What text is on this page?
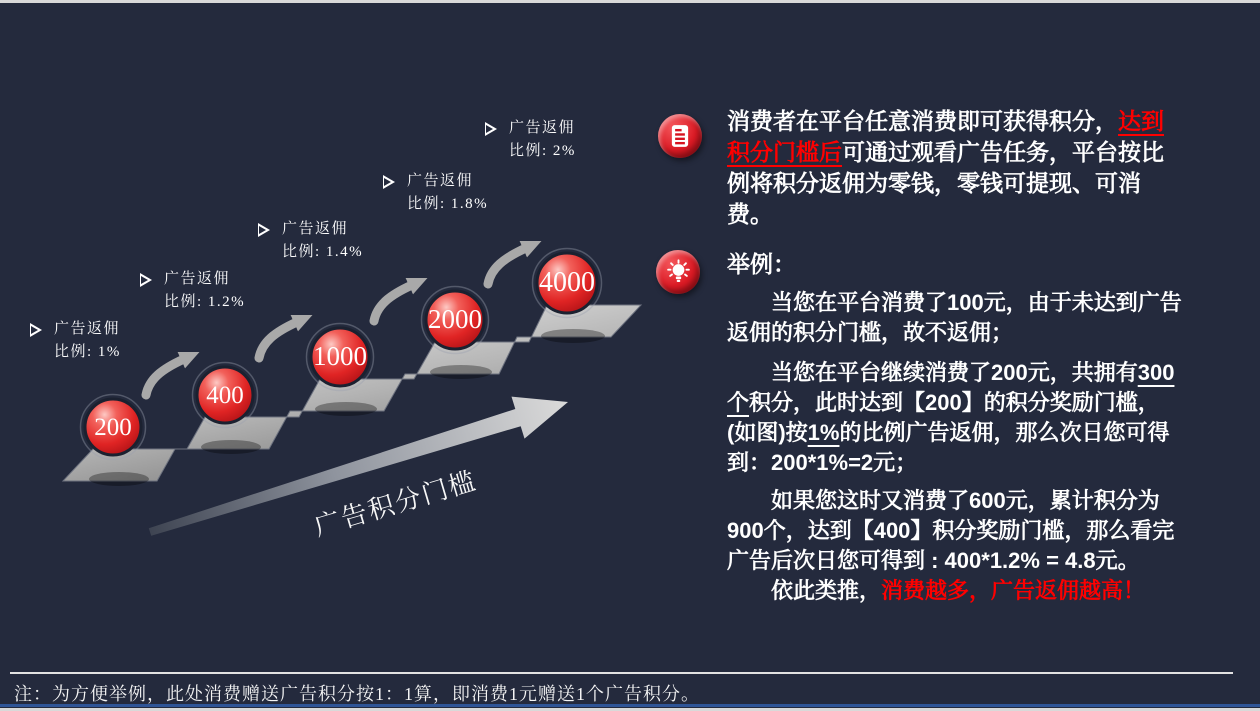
广告积分门槛
200
400
1000
2000
4000
广告返佣
比例: 1%
广告返佣
比例: 1.2%
广告返佣
比例: 1.4%
广告返佣
比例: 1.8%
广告返佣
比例: 2%
消费者在平台任意消费即可获得积分，达到积分门槛后可通过观看广告任务，平台按比例将积分返佣为零钱，零钱可提现、可消费。
举例：

当您在平台消费了100元，由于未达到广告返佣的积分门槛，故不返佣；

当您在平台继续消费了200元，共拥有300个积分，此时达到【200】的积分奖励门槛，(如图)按1%的比例广告返佣，那么次日您可得到：200*1%=2元；

如果您这时又消费了600元，累计积分为900个，达到【400】积分奖励门槛，那么看完广告后次日您可得到 : 400*1.2% = 4.8元。

依此类推，消费越多，广告返佣越高！

注：为方便举例，此处消费赠送广告积分按1：1算，即消费1元赠送1个广告积分。
